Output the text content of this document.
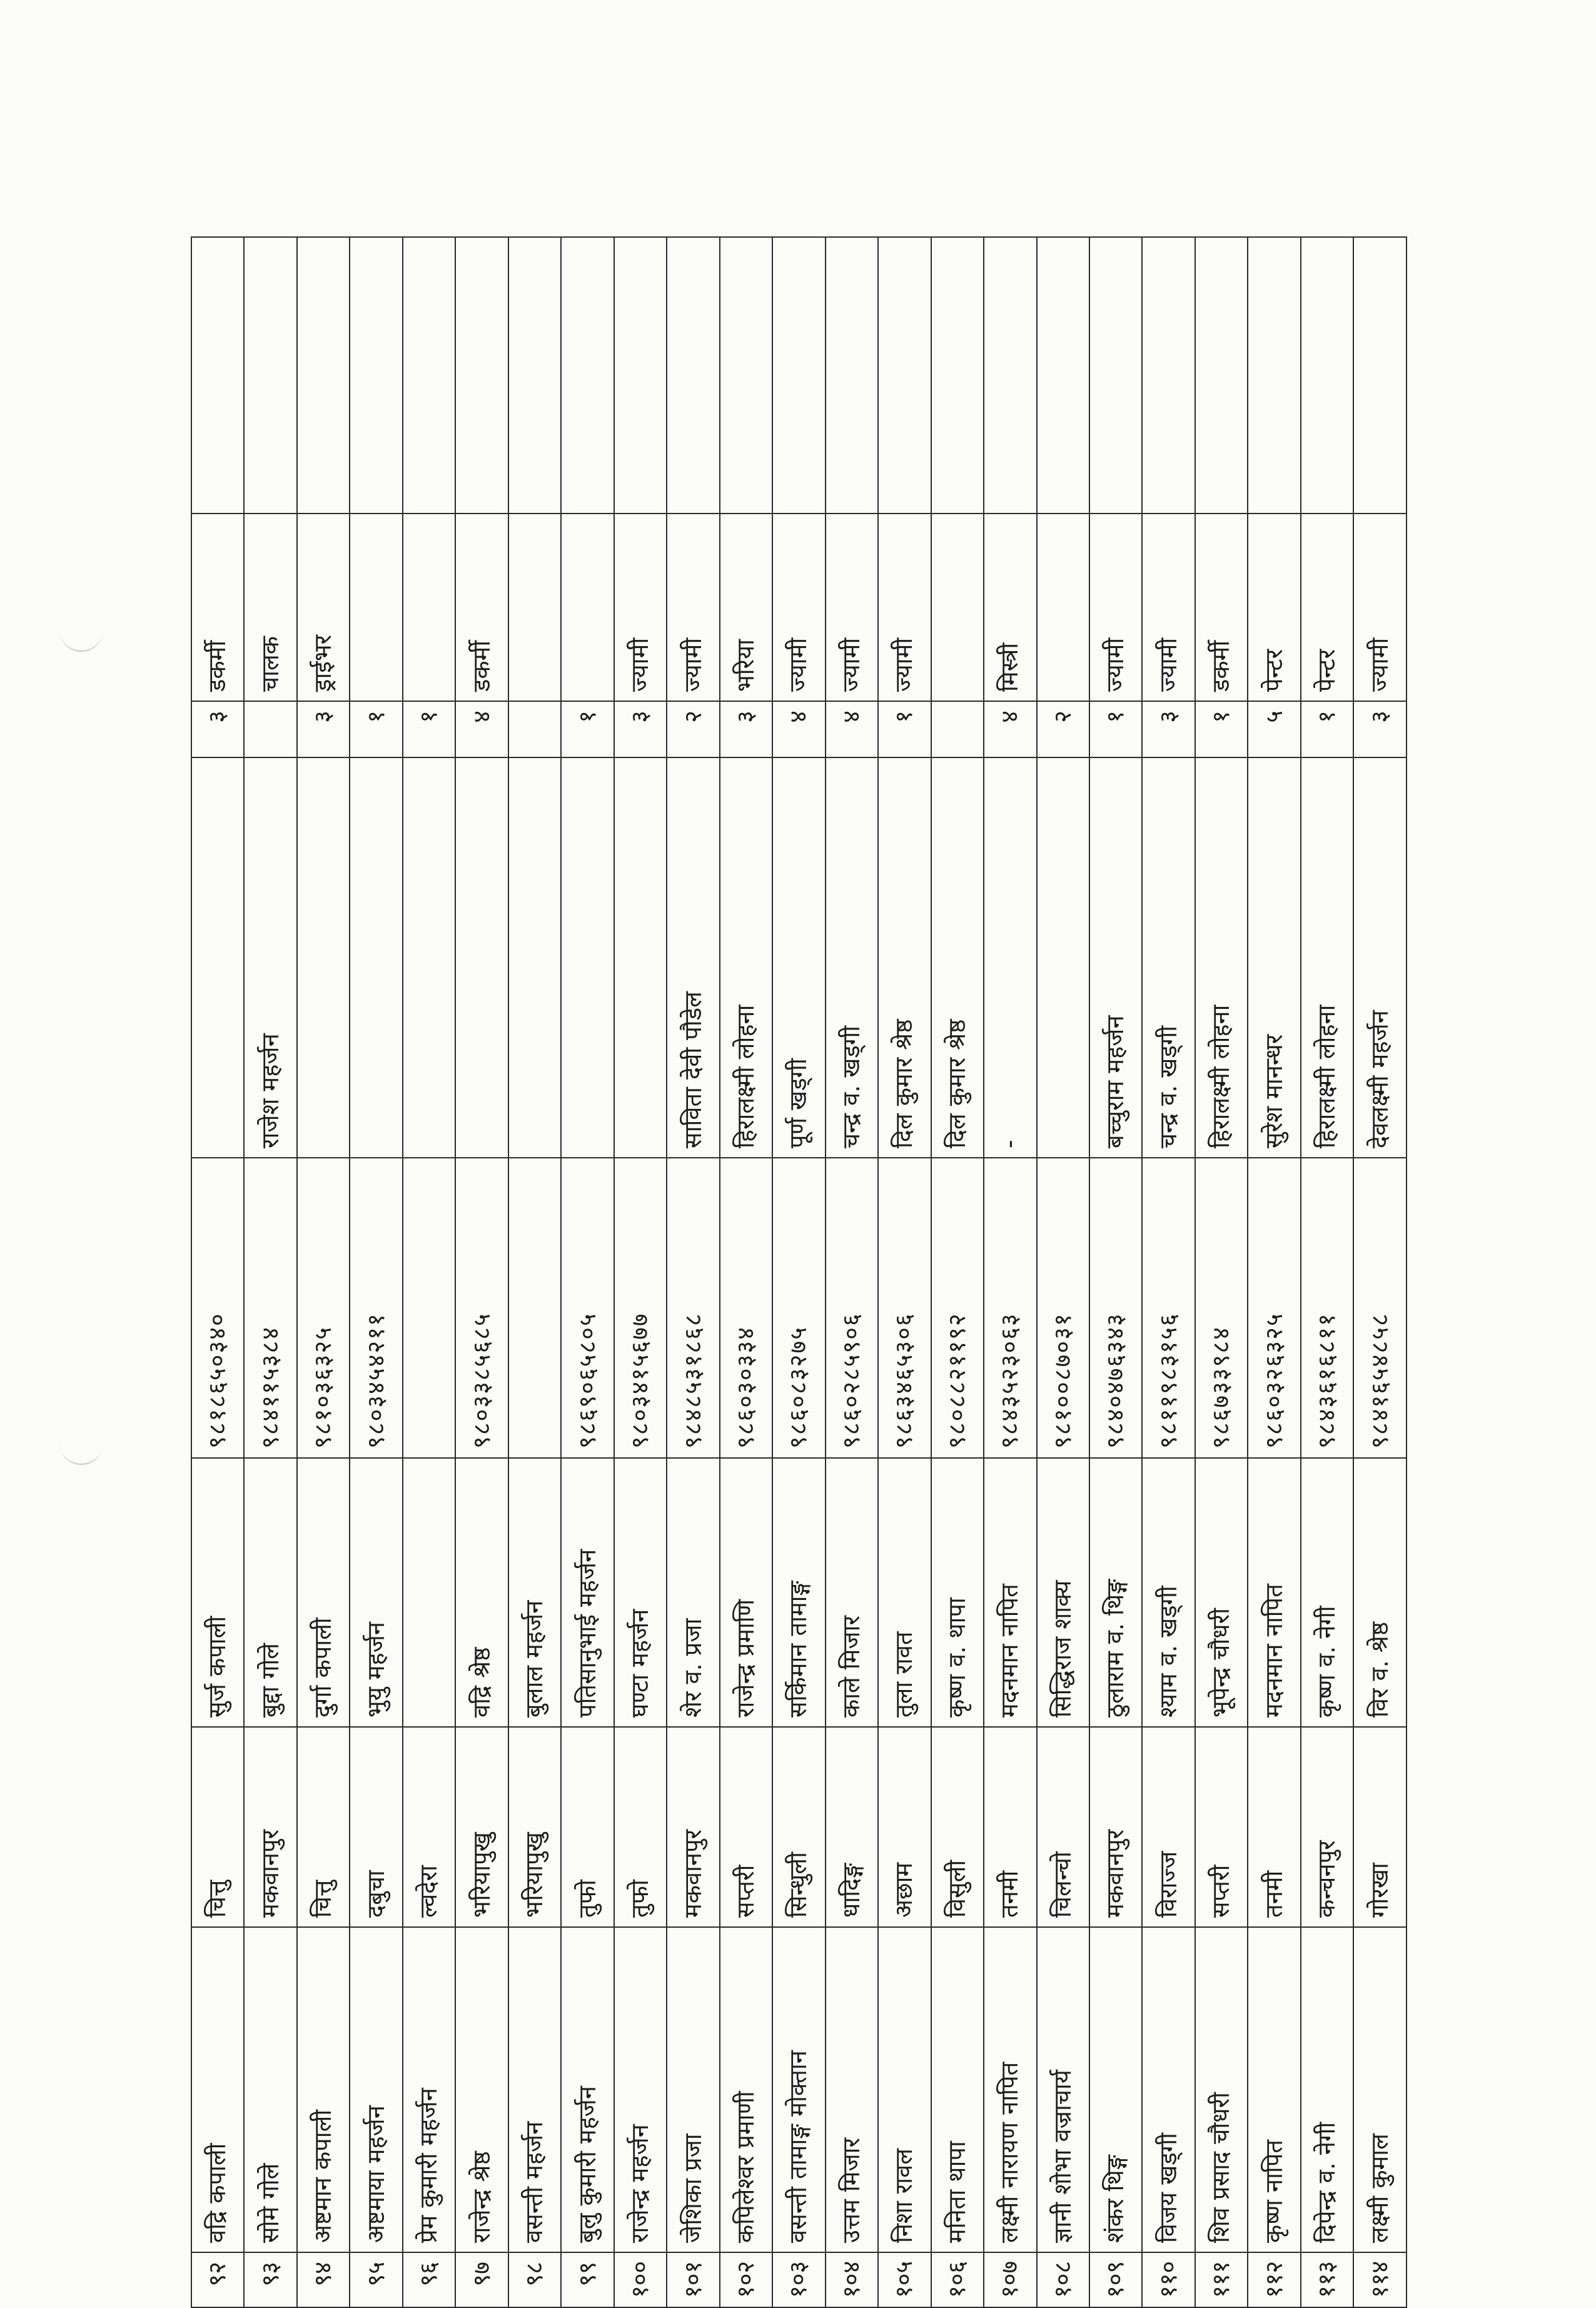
९२	वद्रि कपाली	चित्तु	सुर्ज कपाली	९८१८६५०३४०		३	डकर्मी	
९३	सोमे गोले	मकवानपुर	बुद्दा गोले	९८४११५३८४	राजेश महर्जन		चालक	
९४	अष्टमान कपाली	चित्तु	दुर्गा कपाली	९८१०३६३२५		३	ड्राईभर	
९५	अष्टमाया महर्जन	दबुचा	भुयु महर्जन	९८०३४५४२११		१		
९६	प्रेम कुमारी महर्जन	ल्वदेरा				१		
९७	राजेन्द्र श्रेष्ठ	भरियापुखु	वद्रि श्रेष्ठ	९८०३३८५६८५		४	डकर्मी	
९८	वसन्ती महर्जन	भरियापुखु	बुलाल महर्जन					
९९	बुलु कुमारी महर्जन	तुफो	पतिसानुभाई महर्जन	९८६९०६५८०५		१		
१००	राजेन्द्र महर्जन	तुफो	घण्टा महर्जन	९८०३४१५६७७		३	ज्यामी	
१०१	जेशिका प्रजा	मकवानपुर	शेर व. प्रजा	९८४८५३१८६८	साविता देवी पौडेल	२	ज्यामी	
१०२	कपिलेश्वर प्रमाणी	सप्तरी	राजेन्द्र प्रमाणि	९८६०३०३३४	हिरालक्ष्मी लोहना	३	भरिया	
१०३	वसन्ती तामाङ्ग मोक्तान	सिन्धुली	सर्किमान तामाङ्ग	९८६०८३२७५	पूर्ण खड्गी	४	ज्यामी	
१०४	उत्तम मिजार	धादिङ्ग	काले मिजार	९८६०२८५९०६	चन्द्र व. खड्गी	४	ज्यामी	
१०५	निशा रावल	अछाम	तुला रावत	९८६३४६५३०६	दिल कुमार श्रेष्ठ	१	ज्यामी	
१०६	मनिता थापा	विसुली	कृष्ण व. थापा	९८०८८२११९२	दिल कुमार श्रेष्ठ			
१०७	लक्ष्मी नारायण नापित	तनमी	मदनमान नापित	९८४३५२३०६३	-	४	मिस्त्री	
१०८	ज्ञानी शोभा वज्राचार्य	चिलन्चो	सिद्धिराज शाक्य	९८१००८७०३१		२		
१०९	शंकर थिङ्ग	मकवानपुर	ठुलाराम व. थिङ्ग	९८४०४७६३४३	बच्चुराम महर्जन	१	ज्यामी	
११०	विजय खड्गी	विराज्ज	श्याम व. खड्गी	९८११९८३१५६	चन्द्र व. खड्गी	३	ज्यामी	
१११	शिव प्रसाद चौधरी	सप्तरी	भूपेन्द्र चौधरी	९८६७३३९८४	हिरालक्ष्मी लोहना	१	डकर्मी	
११२	कृष्ण नापित	तनमी	मदनमान नापित	९८६०३२६३२५	सुरेश मानन्धर	५	पेन्टर	
११३	दिपेन्द्र व. नेगी	कन्चनपुर	कृष्ण व. नेगी	९८४३६१६८११	हिरालक्ष्मी लोहना	१	पेन्टर	
११४	लक्ष्मी कुमाल	गोरखा	विर व. श्रेष्ठ	९८४१६५४८५८	देवलक्ष्मी महर्जन	३	ज्यामी	
